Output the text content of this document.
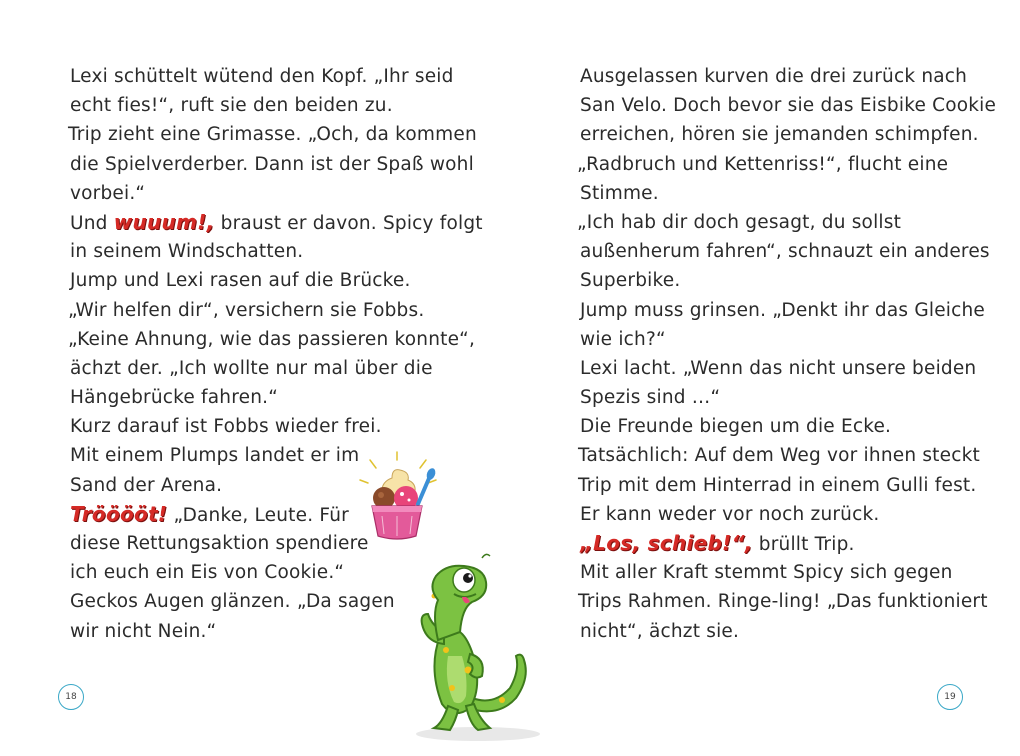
Lexi schüttelt wütend den Kopf. „Ihr seid
echt fies!“, ruft sie den beiden zu.
Trip zieht eine Grimasse. „Och, da kommen
die Spielverderber. Dann ist der Spaß wohl
vorbei.“
Und wuuum!, braust er davon. Spicy folgt
in seinem Windschatten.
Jump und Lexi rasen auf die Brücke.
„Wir helfen dir“, versichern sie Fobbs.
„Keine Ahnung, wie das passieren konnte“,
ächzt der. „Ich wollte nur mal über die
Hängebrücke fahren.“
Kurz darauf ist Fobbs wieder frei.
Mit einem Plumps landet er im
Sand der Arena.
Trööööt! „Danke, Leute. Für
diese Rettungsaktion spendiere
ich euch ein Eis von Cookie.“
Geckos Augen glänzen. „Da sagen
wir nicht Nein.“
18
Ausgelassen kurven die drei zurück nach
San Velo. Doch bevor sie das Eisbike Cookie
erreichen, hören sie jemanden schimpfen.
„Radbruch und Kettenriss!“, flucht eine
Stimme.
„Ich hab dir doch gesagt, du sollst
außenherum fahren“, schnauzt ein anderes
Superbike.
Jump muss grinsen. „Denkt ihr das Gleiche
wie ich?“
Lexi lacht. „Wenn das nicht unsere beiden
Spezis sind …“
Die Freunde biegen um die Ecke.
Tatsächlich: Auf dem Weg vor ihnen steckt
Trip mit dem Hinterrad in einem Gulli fest.
Er kann weder vor noch zurück.
„Los, schieb!“, brüllt Trip.
Mit aller Kraft stemmt Spicy sich gegen
Trips Rahmen. Ringe-ling! „Das funktioniert
nicht“, ächzt sie.
19
